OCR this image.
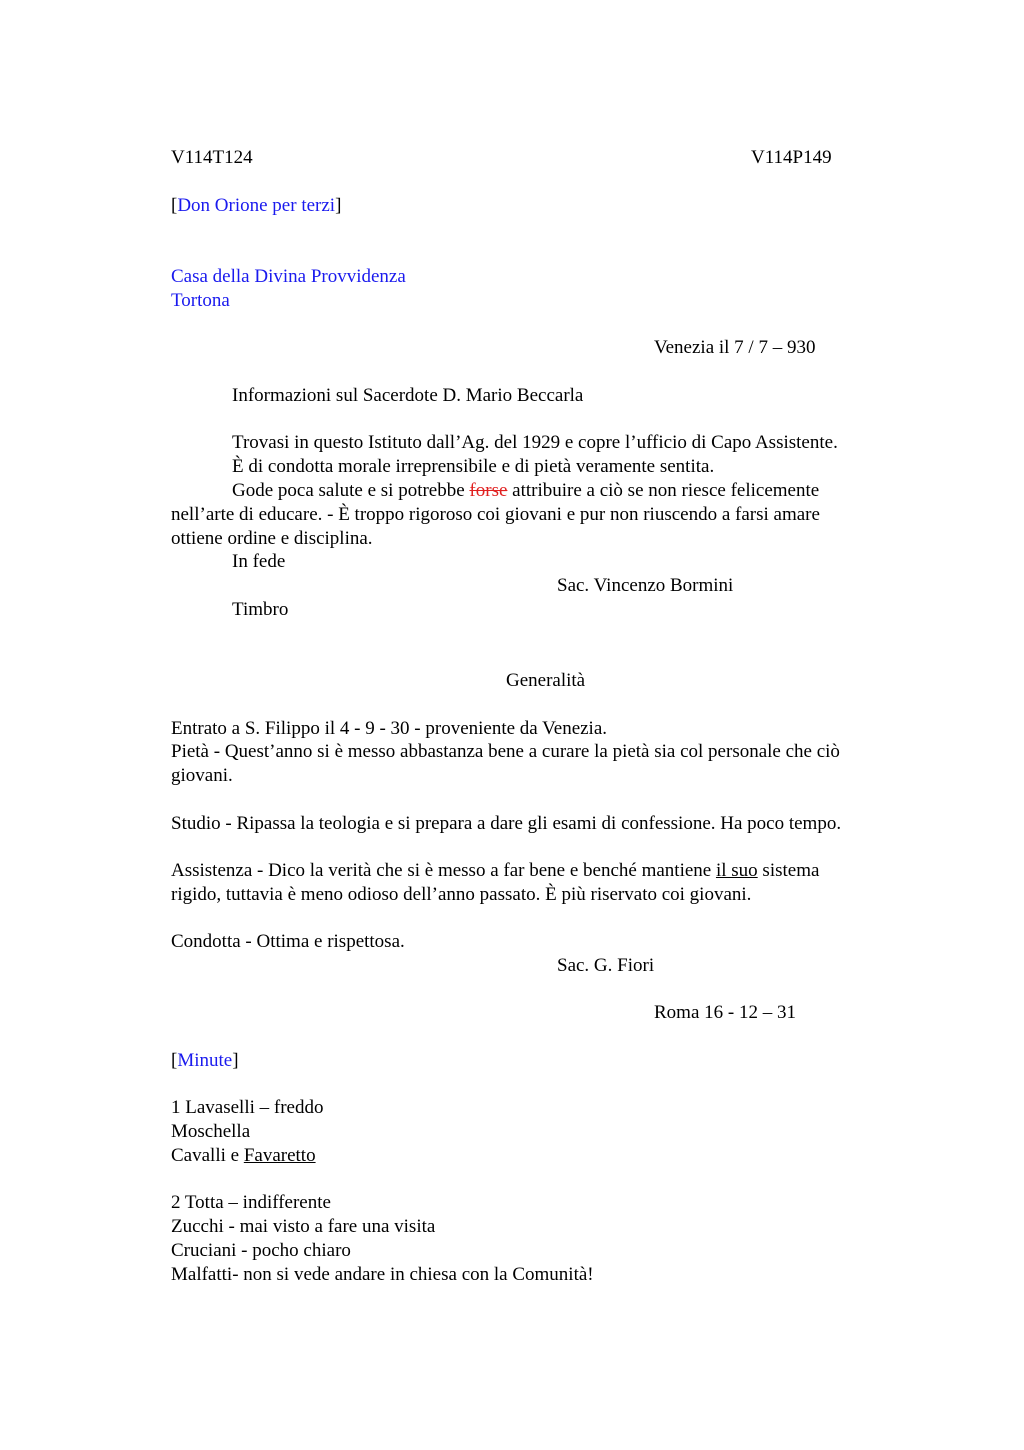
V114T124	V114P149
[Don Orione per terzi]
Casa della Divina Provvidenza
Tortona
Venezia il 7 / 7 – 930
Informazioni sul Sacerdote D. Mario Beccarla
Trovasi in questo Istituto dall’Ag. del 1929 e copre l’ufficio di Capo Assistente.
È di condotta morale irreprensibile e di pietà veramente sentita.
Gode poca salute e si potrebbe forse attribuire a ciò se non riesce felicemente
nell’arte di educare. - È troppo rigoroso coi giovani e pur non riuscendo a farsi amare
ottiene ordine e disciplina.
In fede
Sac. Vincenzo Bormini
Timbro
Generalità
Entrato a S. Filippo il 4 - 9 - 30 - proveniente da Venezia.
Pietà - Quest’anno si è messo abbastanza bene a curare la pietà sia col personale che ciò
giovani.
Studio - Ripassa la teologia e si prepara a dare gli esami di confessione. Ha poco tempo.
Assistenza - Dico la verità che si è messo a far bene e benché mantiene il suo sistema
rigido, tuttavia è meno odioso dell’anno passato. È più riservato coi giovani.
Condotta - Ottima e rispettosa.
Sac. G. Fiori
Roma 16 - 12 – 31
[Minute]
1 Lavaselli – freddo
Moschella
Cavalli e Favaretto
2 Totta – indifferente
Zucchi - mai visto a fare una visita
Cruciani - pocho chiaro
Malfatti- non si vede andare in chiesa con la Comunità!
